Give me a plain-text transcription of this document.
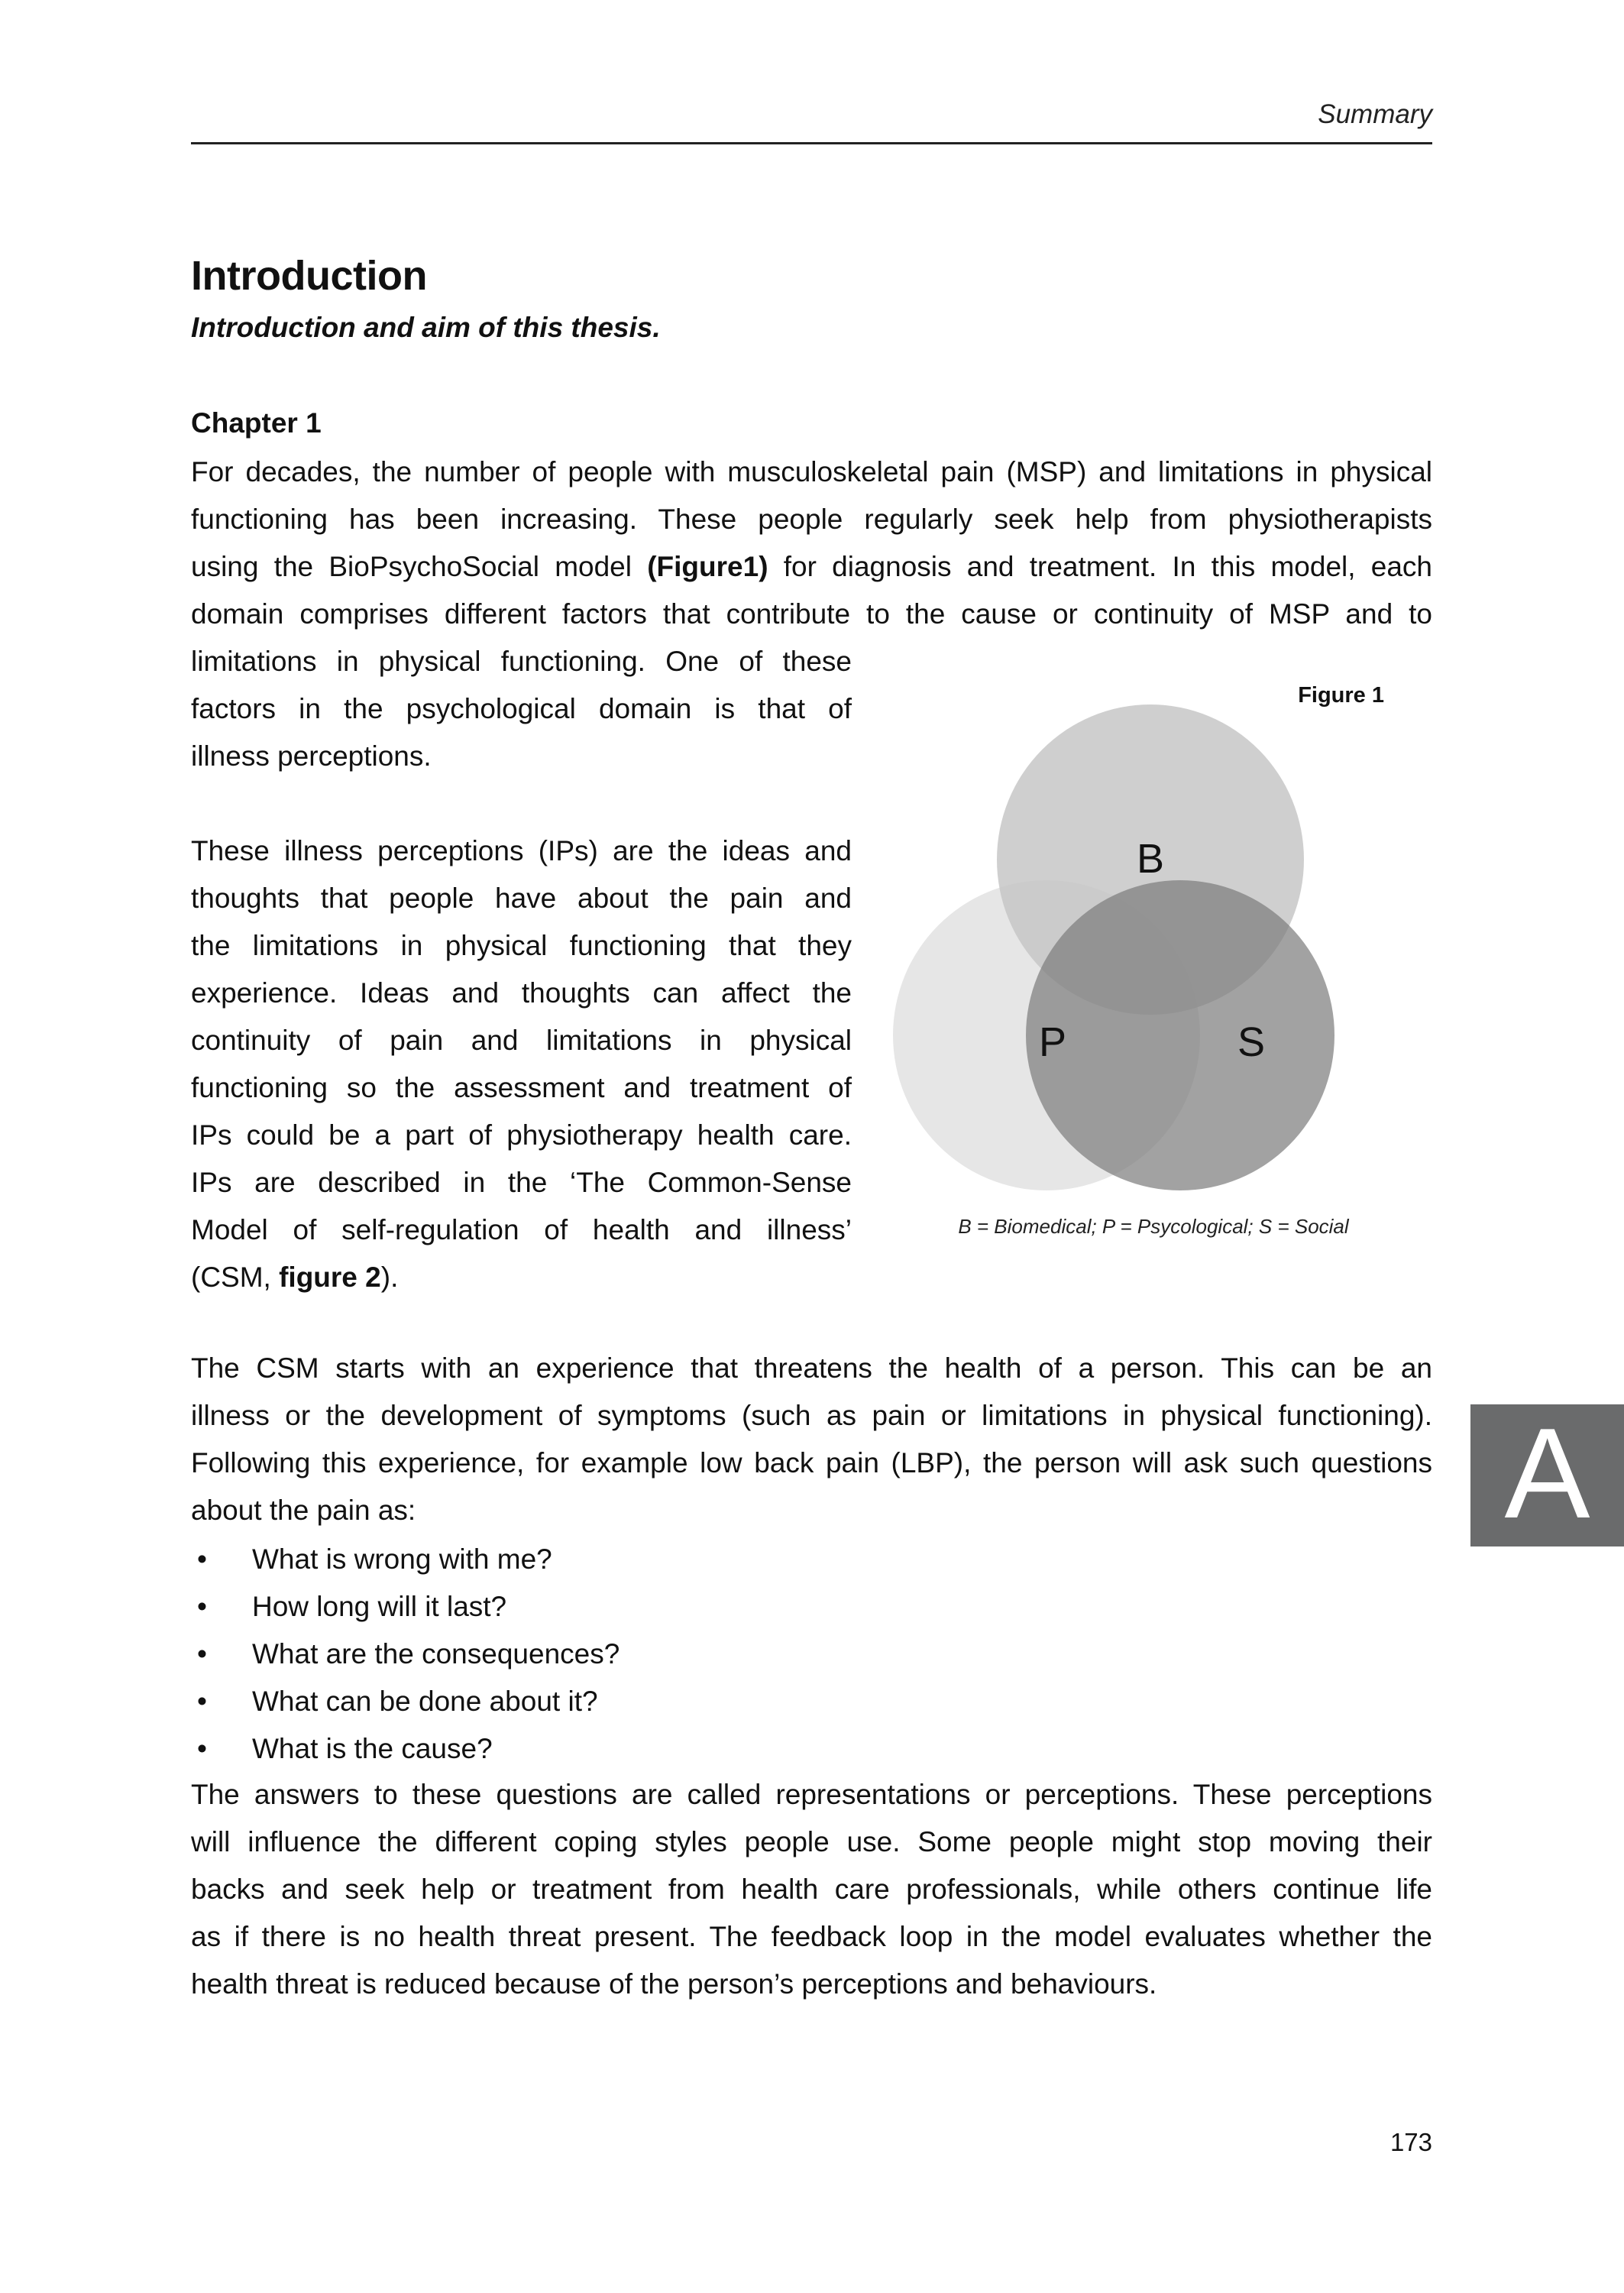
Summary
Introduction
Introduction and aim of this thesis.
Chapter 1
For decades, the number of people with musculoskeletal pain (MSP) and limitations in physical
functioning has been increasing. These people regularly seek help from physiotherapists
using the BioPsychoSocial model (Figure1) for diagnosis and treatment. In this model, each
domain comprises different factors that contribute to the cause or continuity of MSP and to
limitations in physical functioning. One of these
factors in the psychological domain is that of
illness perceptions.
These illness perceptions (IPs) are the ideas and
thoughts that people have about the pain and
the limitations in physical functioning that they
experience. Ideas and thoughts can affect the
continuity of pain and limitations in physical
functioning so the assessment and treatment of
IPs could be a part of physiotherapy health care.
IPs are described in the ‘The Common-Sense
Model of self-regulation of health and illness’
(CSM, figure 2).
Figure 1
B
P	S
B = Biomedical; P = Psycological; S = Social
The CSM starts with an experience that threatens the health of a person. This can be an
illness or the development of symptoms (such as pain or limitations in physical functioning).
Following this experience, for example low back pain (LBP), the person will ask such questions
about the pain as:
• What is wrong with me?
• How long will it last?
• What are the consequences?
• What can be done about it?
• What is the cause?
The answers to these questions are called representations or perceptions. These perceptions
will influence the different coping styles people use. Some people might stop moving their
backs and seek help or treatment from health care professionals, while others continue life
as if there is no health threat present. The feedback loop in the model evaluates whether the
health threat is reduced because of the person’s perceptions and behaviours.
A
173
